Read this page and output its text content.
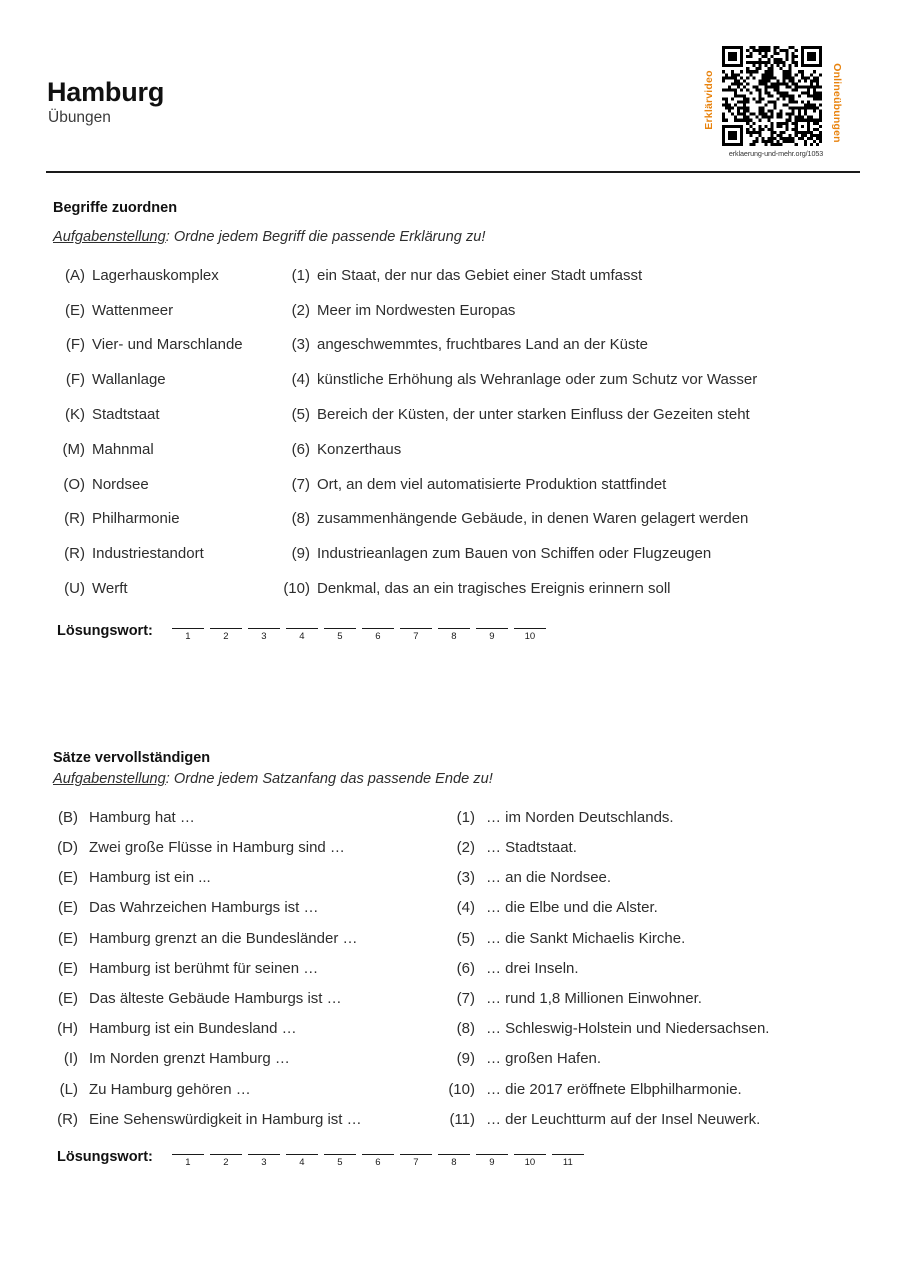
Hamburg
Übungen	Erklärvideo	Onlineübungen
erklaerung-und-mehr.org/1053
Begriffe zuordnen
Aufgabenstellung: Ordne jedem Begriff die passende Erklärung zu!
(A) Lagerhauskomplex	(1) ein Staat, der nur das Gebiet einer Stadt umfasst
(E) Wattenmeer	(2) Meer im Nordwesten Europas
(F) Vier- und Marschlande	(3) angeschwemmtes, fruchtbares Land an der Küste
(F) Wallanlage	(4) künstliche Erhöhung als Wehranlage oder zum Schutz vor Wasser
(K) Stadtstaat	(5) Bereich der Küsten, der unter starken Einfluss der Gezeiten steht
(M) Mahnmal	(6) Konzerthaus
(O) Nordsee	(7) Ort, an dem viel automatisierte Produktion stattfindet
(R) Philharmonie	(8) zusammenhängende Gebäude, in denen Waren gelagert werden
(R) Industriestandort	(9) Industrieanlagen zum Bauen von Schiffen oder Flugzeugen
(U) Werft	(10) Denkmal, das an ein tragisches Ereignis erinnern soll
Lösungswort:	1	2	3	4	5	6	7	8	9	10
Sätze vervollständigen
Aufgabenstellung: Ordne jedem Satzanfang das passende Ende zu!
(B) Hamburg hat …	(1) … im Norden Deutschlands.
(D) Zwei große Flüsse in Hamburg sind …	(2) … Stadtstaat.
(E) Hamburg ist ein ...	(3) … an die Nordsee.
(E) Das Wahrzeichen Hamburgs ist …	(4) … die Elbe und die Alster.
(E) Hamburg grenzt an die Bundesländer …	(5) … die Sankt Michaelis Kirche.
(E) Hamburg ist berühmt für seinen …	(6) … drei Inseln.
(E) Das älteste Gebäude Hamburgs ist …	(7) … rund 1,8 Millionen Einwohner.
(H) Hamburg ist ein Bundesland …	(8) … Schleswig-Holstein und Niedersachsen.
(I) Im Norden grenzt Hamburg …	(9) … großen Hafen.
(L) Zu Hamburg gehören …	(10) … die 2017 eröffnete Elbphilharmonie.
(R) Eine Sehenswürdigkeit in Hamburg ist …	(11) … der Leuchtturm auf der Insel Neuwerk.
Lösungswort:	1	2	3	4	5	6	7	8	9	10	11
